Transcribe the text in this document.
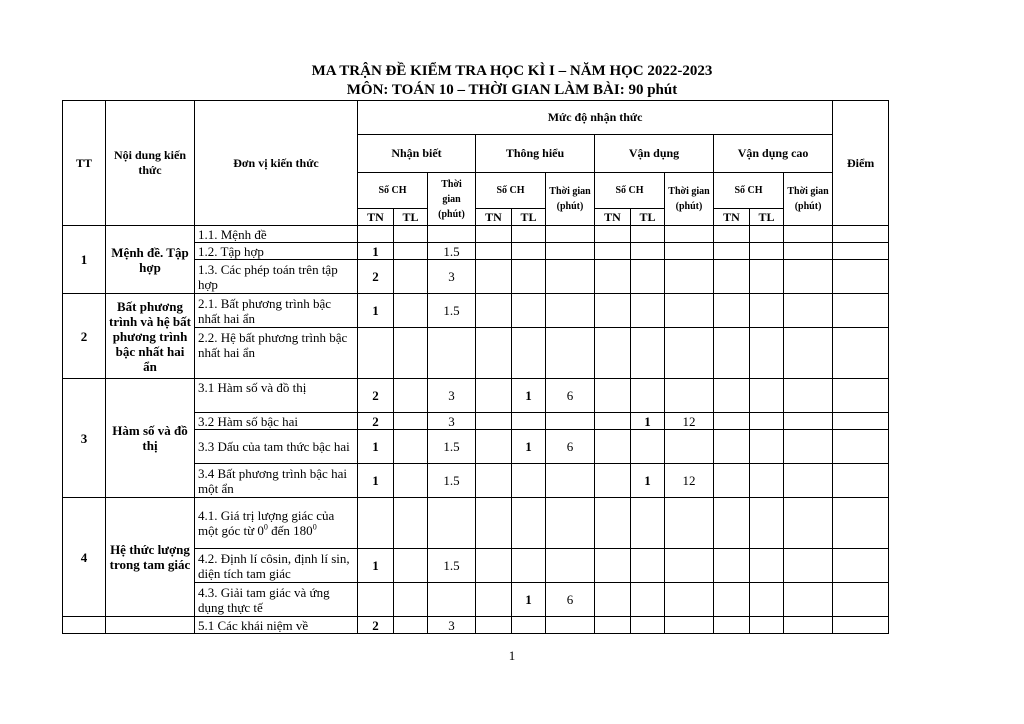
MA TRẬN ĐỀ KIỂM TRA HỌC KÌ I – NĂM HỌC 2022-2023
MÔN: TOÁN 10 – THỜI GIAN LÀM BÀI: 90 phút
TT	Nội dung kiến thức	Đơn vị kiến thức	Mức độ nhận thức												Điểm
			Nhận biết			Thông hiểu			Vận dụng			Vận dụng cao			
			Số CH		Thời gian (phút)	Số CH		Thời gian (phút)	Số CH		Thời gian (phút)	Số CH		Thời gian (phút)	
			TN	TL		TN	TL		TN	TL		TN	TL		
1	Mệnh đề. Tập hợp	1.1. Mệnh đề													
		1.2. Tập hợp	1		1.5										
		1.3. Các phép toán trên tập hợp	2		3										
2	Bất phương trình và hệ bất phương trình bậc nhất hai ẩn	2.1. Bất phương trình bậc nhất hai ẩn	1		1.5										
		2.2. Hệ bất phương trình bậc nhất hai ẩn													
3	Hàm số và đồ thị	3.1 Hàm số và đồ thị	2		3		1	6							
		3.2 Hàm số bậc hai	2		3					1	12				
		3.3 Dấu của tam thức bậc hai	1		1.5		1	6							
		3.4 Bất phương trình bậc hai một ẩn	1		1.5					1	12				
4	Hệ thức lượng trong tam giác	4.1. Giá trị lượng giác của một góc từ $0^0$ đến $180^0$													
		4.2. Định lí côsin, định lí sin, diện tích tam giác	1		1.5										
		4.3. Giải tam giác và ứng dụng thực tế					1	6							
		5.1 Các khái niệm về	2		3										
1
